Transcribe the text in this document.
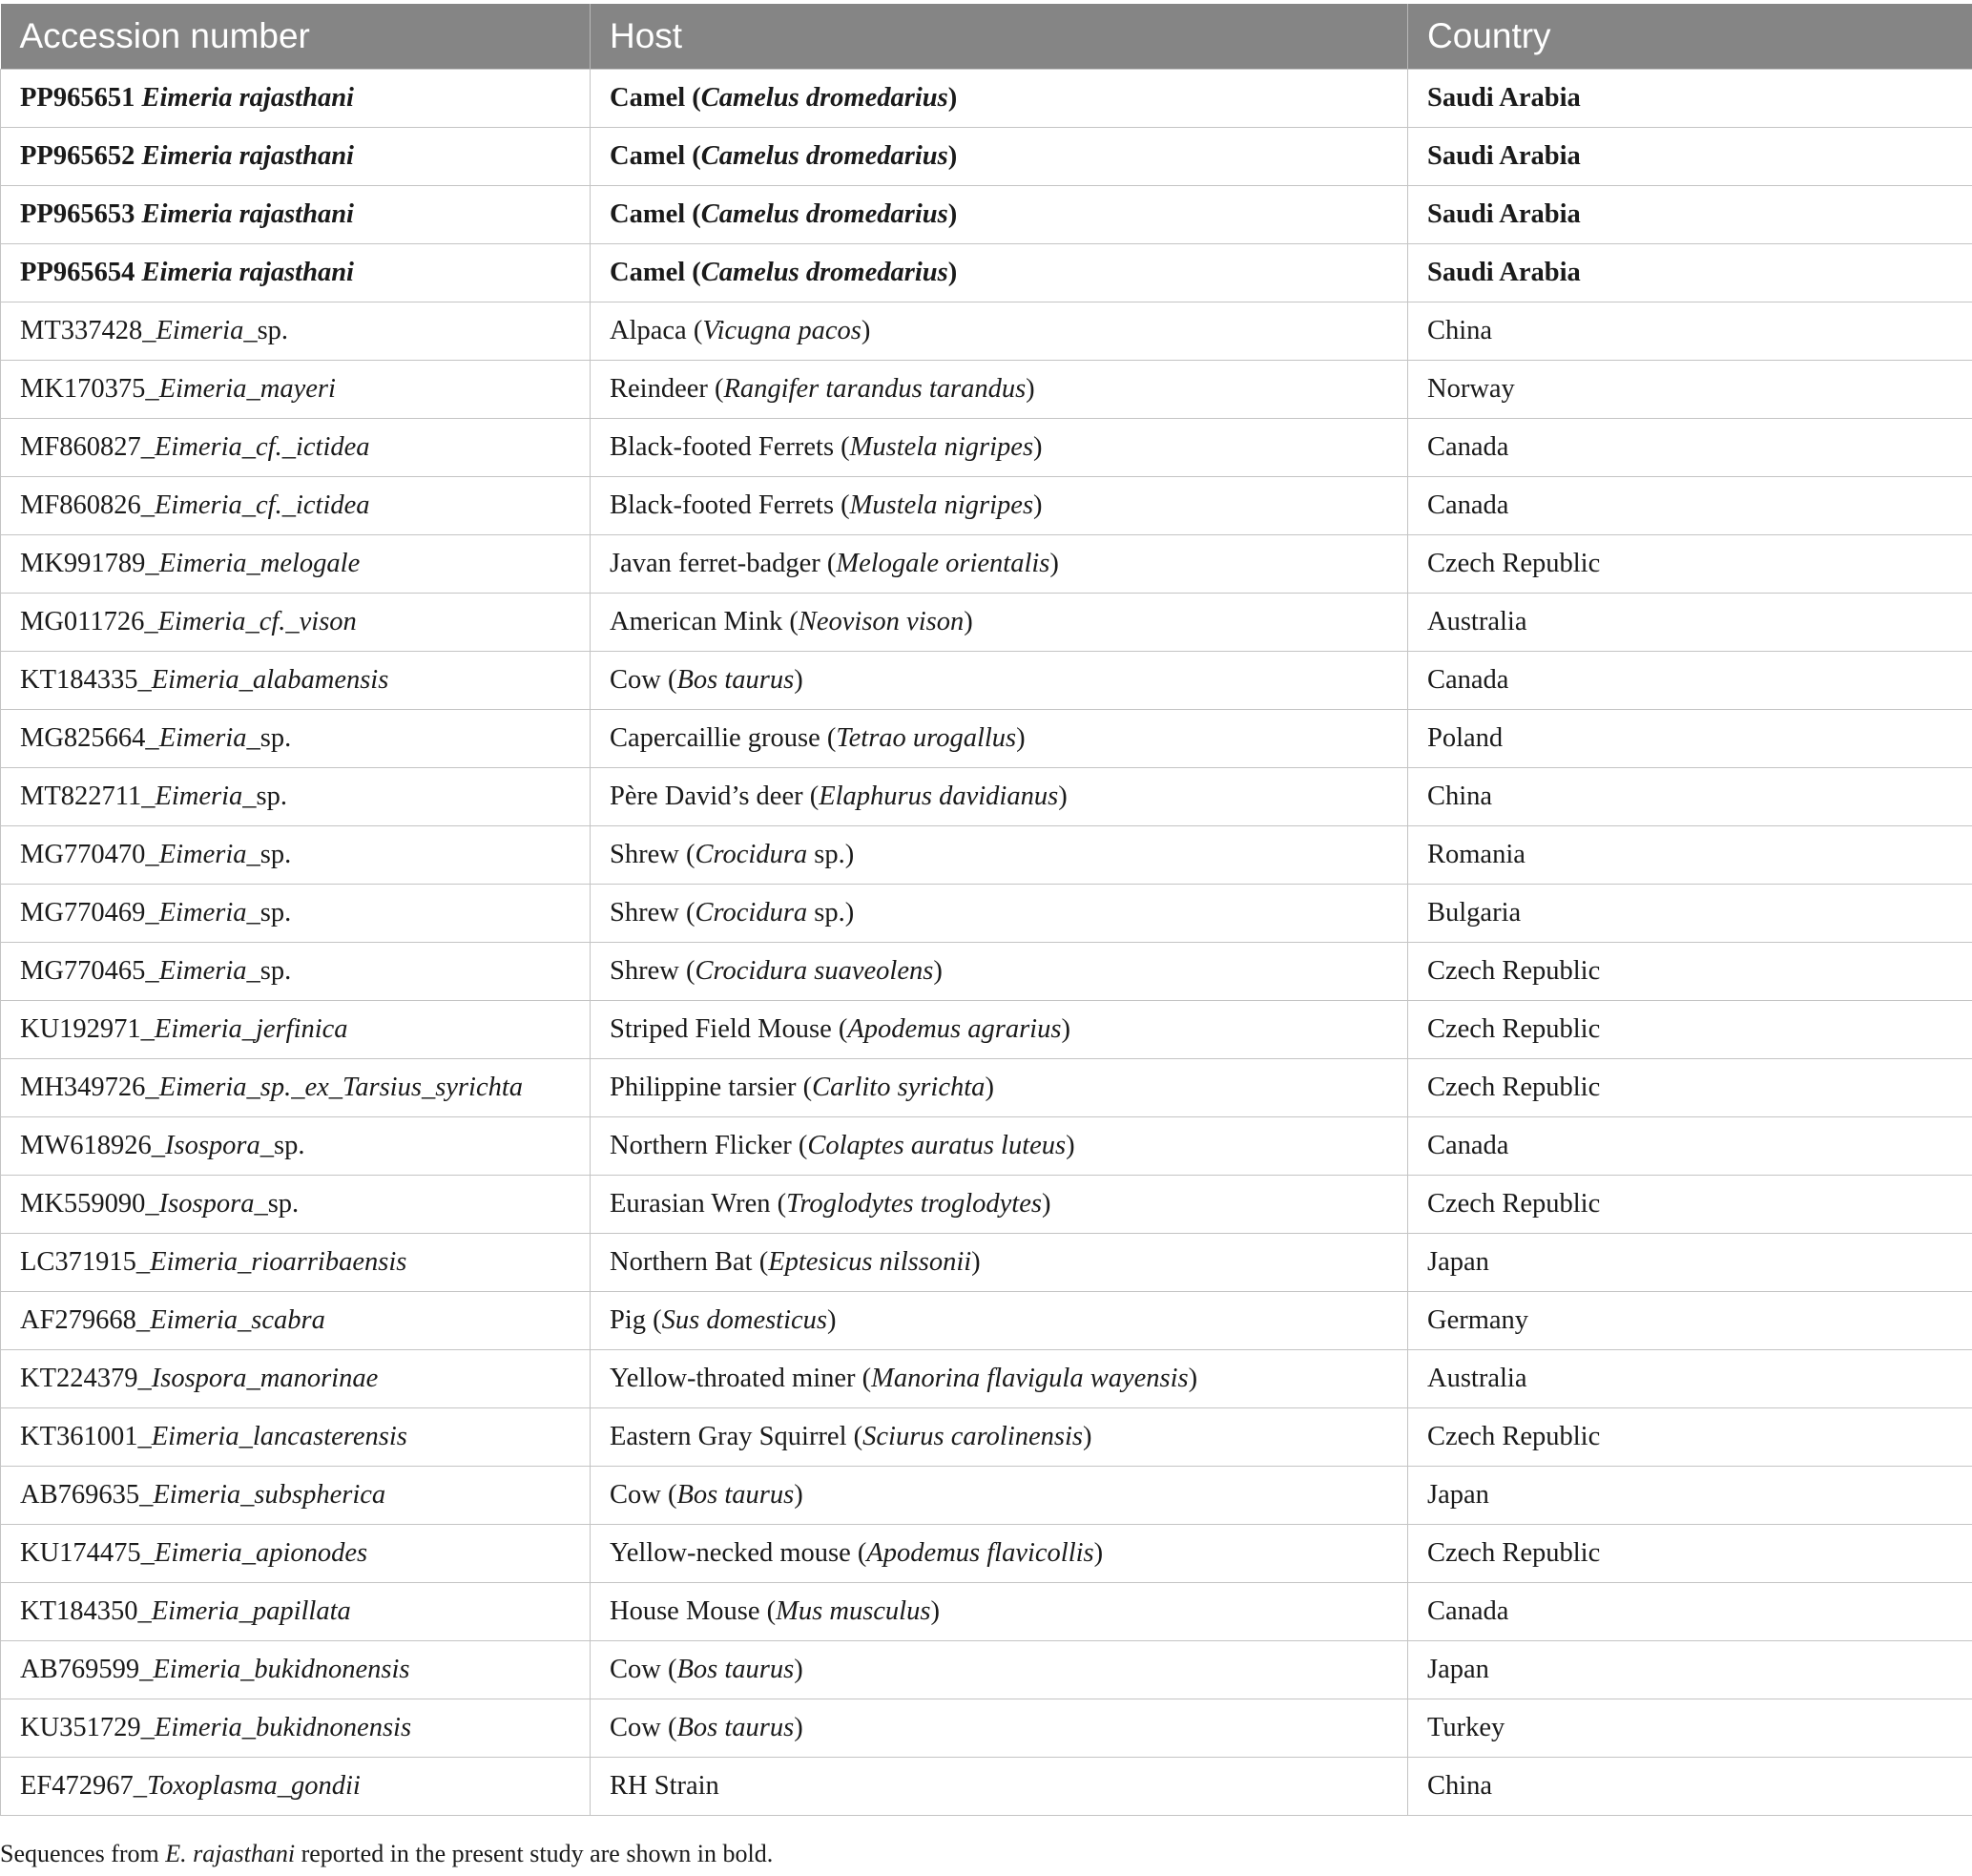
Accession number	Host	Country
PP965651 Eimeria rajasthani	Camel (Camelus dromedarius)	Saudi Arabia
PP965652 Eimeria rajasthani	Camel (Camelus dromedarius)	Saudi Arabia
PP965653 Eimeria rajasthani	Camel (Camelus dromedarius)	Saudi Arabia
PP965654 Eimeria rajasthani	Camel (Camelus dromedarius)	Saudi Arabia
MT337428_Eimeria_sp.	Alpaca (Vicugna pacos)	China
MK170375_Eimeria_mayeri	Reindeer (Rangifer tarandus tarandus)	Norway
MF860827_Eimeria_cf._ictidea	Black-footed Ferrets (Mustela nigripes)	Canada
MF860826_Eimeria_cf._ictidea	Black-footed Ferrets (Mustela nigripes)	Canada
MK991789_Eimeria_melogale	Javan ferret-badger (Melogale orientalis)	Czech Republic
MG011726_Eimeria_cf._vison	American Mink (Neovison vison)	Australia
KT184335_Eimeria_alabamensis	Cow (Bos taurus)	Canada
MG825664_Eimeria_sp.	Capercaillie grouse (Tetrao urogallus)	Poland
MT822711_Eimeria_sp.	Père David’s deer (Elaphurus davidianus)	China
MG770470_Eimeria_sp.	Shrew (Crocidura sp.)	Romania
MG770469_Eimeria_sp.	Shrew (Crocidura sp.)	Bulgaria
MG770465_Eimeria_sp.	Shrew (Crocidura suaveolens)	Czech Republic
KU192971_Eimeria_jerfinica	Striped Field Mouse (Apodemus agrarius)	Czech Republic
MH349726_Eimeria_sp._ex_Tarsius_syrichta	Philippine tarsier (Carlito syrichta)	Czech Republic
MW618926_Isospora_sp.	Northern Flicker (Colaptes auratus luteus)	Canada
MK559090_Isospora_sp.	Eurasian Wren (Troglodytes troglodytes)	Czech Republic
LC371915_Eimeria_rioarribaensis	Northern Bat (Eptesicus nilssonii)	Japan
AF279668_Eimeria_scabra	Pig (Sus domesticus)	Germany
KT224379_Isospora_manorinae	Yellow-throated miner (Manorina flavigula wayensis)	Australia
KT361001_Eimeria_lancasterensis	Eastern Gray Squirrel (Sciurus carolinensis)	Czech Republic
AB769635_Eimeria_subspherica	Cow (Bos taurus)	Japan
KU174475_Eimeria_apionodes	Yellow-necked mouse (Apodemus flavicollis)	Czech Republic
KT184350_Eimeria_papillata	House Mouse (Mus musculus)	Canada
AB769599_Eimeria_bukidnonensis	Cow (Bos taurus)	Japan
KU351729_Eimeria_bukidnonensis	Cow (Bos taurus)	Turkey
EF472967_Toxoplasma_gondii	RH Strain	China
Sequences from E. rajasthani reported in the present study are shown in bold.
